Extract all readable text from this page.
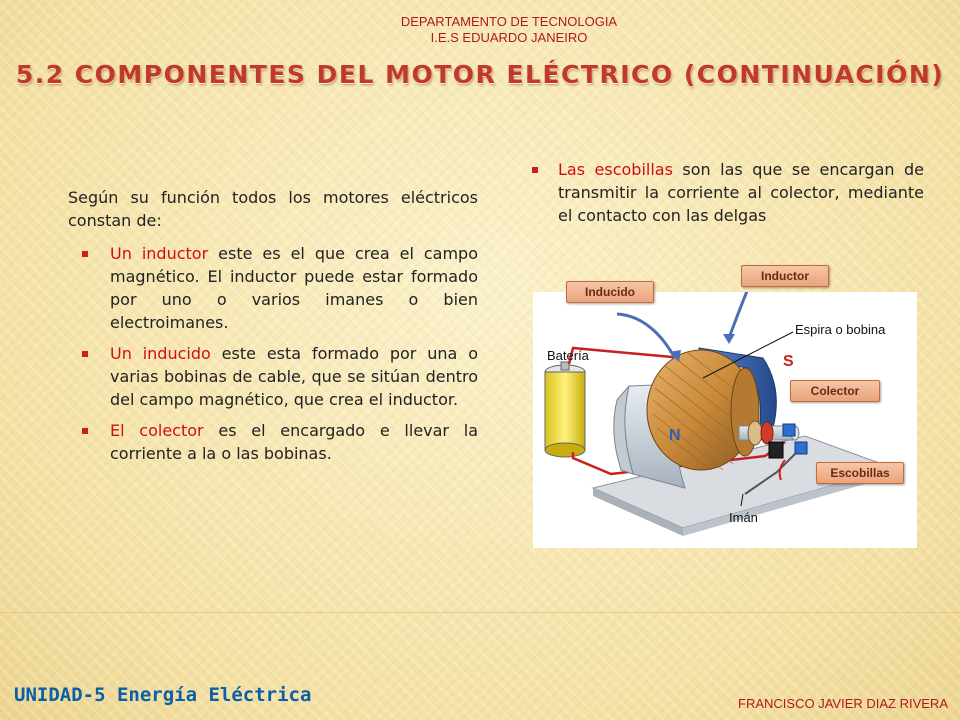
DEPARTAMENTO DE TECNOLOGIA
I.E.S EDUARDO JANEIRO
5.2 COMPONENTES DEL MOTOR ELÉCTRICO (CONTINUACIÓN)

Según su función todos los motores eléctricos constan de:

Un inductor este es el que crea el campo magnético. El inductor puede estar formado por uno o varios imanes o bien electroimanes.
Un inducido este esta formado por una o varias bobinas de cable, que se sitúan dentro del campo magnético, que crea el inductor.
El colector es el encargado e llevar la corriente a la o las bobinas.
Las escobillas son las que se encargan de transmitir la corriente al colector, mediante el contacto con las delgas
Batería
Espira o bobina
Imán
N
S
Inducido
Inductor
Colector
Escobillas
UNIDAD-5 Energía Eléctrica	FRANCISCO JAVIER DIAZ RIVERA
